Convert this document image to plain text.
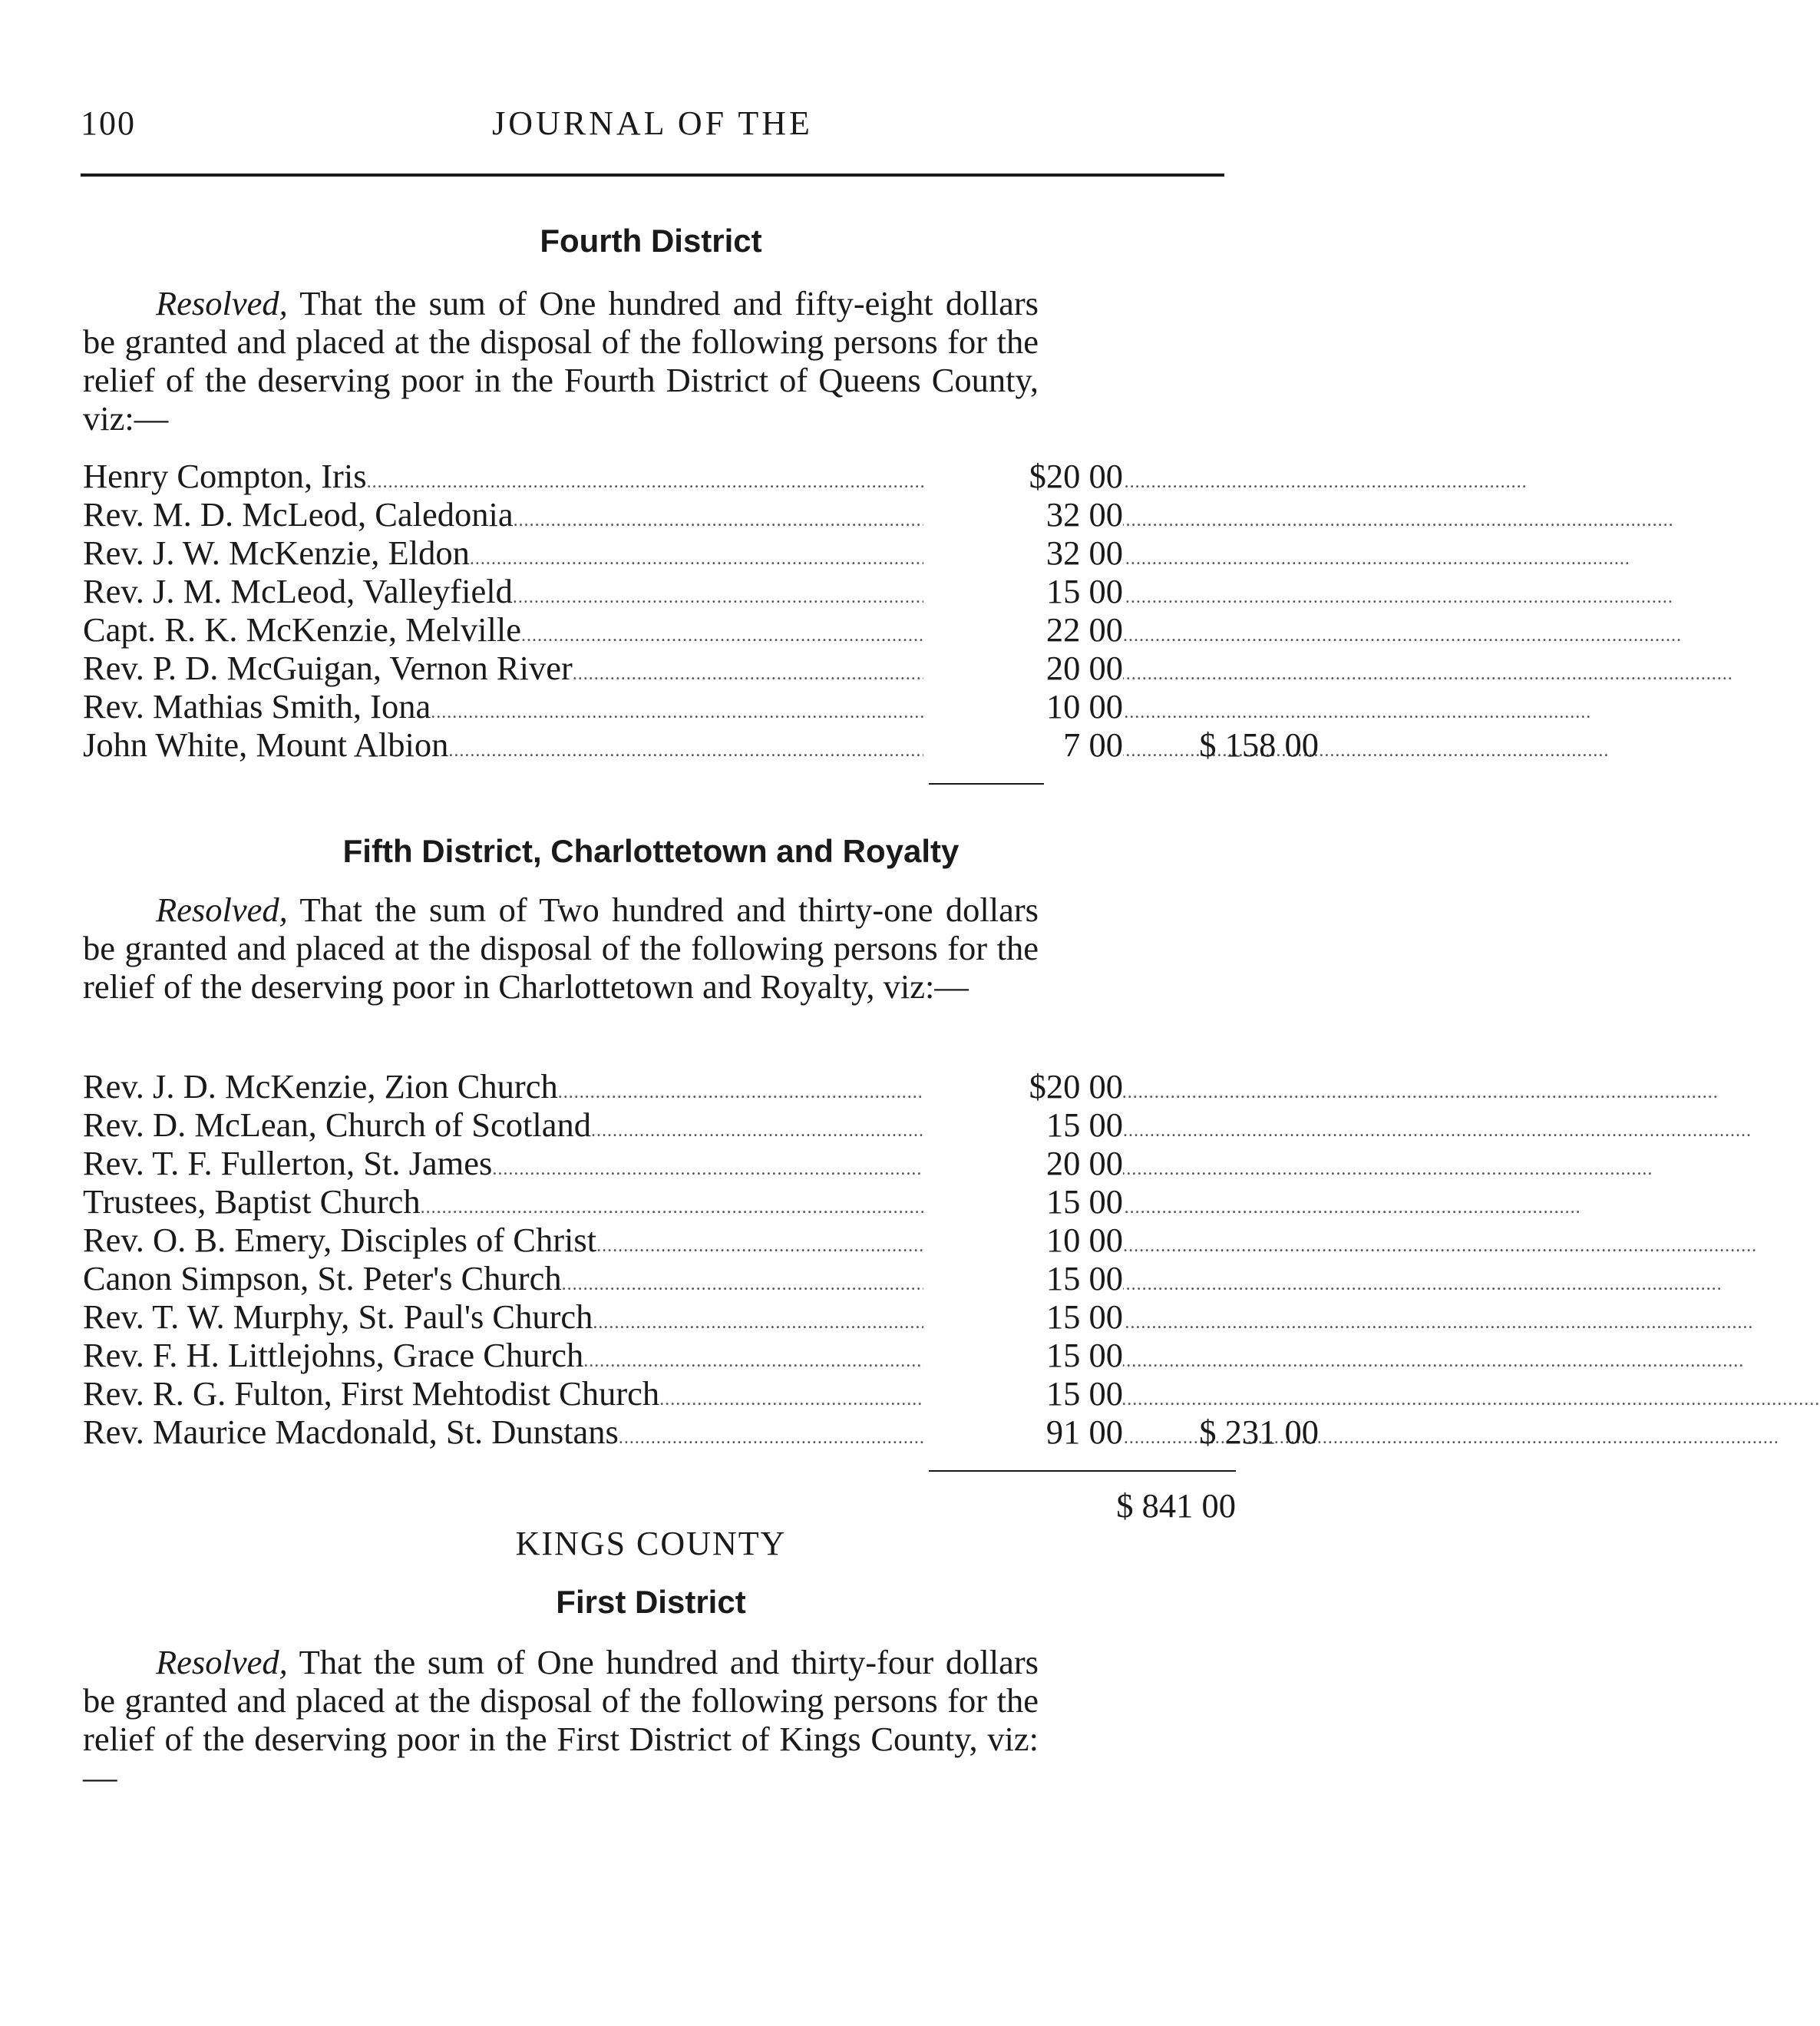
100	JOURNAL OF THE
Fourth District
Resolved, That the sum of One hundred and fifty-eight dollars be granted and placed at the disposal of the following persons for the relief of the deserving poor in the Fourth District of Queens County, viz:—
Henry Compton, Iris .....	$20 00
Rev. M. D. McLeod, Caledonia .....	32 00
Rev. J. W. McKenzie, Eldon .....	32 00
Rev. J. M. McLeod, Valleyfield .....	15 00
Capt. R. K. McKenzie, Melville .....	22 00
Rev. P. D. McGuigan, Vernon River .....	20 00
Rev. Mathias Smith, Iona .....	10 00
John White, Mount Albion .....	7 00	$ 158 00
Fifth District, Charlottetown and Royalty
Resolved, That the sum of Two hundred and thirty-one dollars be granted and placed at the disposal of the following persons for the relief of the deserving poor in Charlottetown and Royalty, viz:—
Rev. J. D. McKenzie, Zion Church .....	$20 00
Rev. D. McLean, Church of Scotland .....	15 00
Rev. T. F. Fullerton, St. James .....	20 00
Trustees, Baptist Church .....	15 00
Rev. O. B. Emery, Disciples of Christ .....	10 00
Canon Simpson, St. Peter's Church .....	15 00
Rev. T. W. Murphy, St. Paul's Church .....	15 00
Rev. F. H. Littlejohns, Grace Church .....	15 00
Rev. R. G. Fulton, First Mehtodist Church .....	15 00
Rev. Maurice Macdonald, St. Dunstans .....	91 00	$ 231 00
$ 841 00
KINGS COUNTY
First District
Resolved, That the sum of One hundred and thirty-four dollars be granted and placed at the disposal of the following persons for the relief of the deserving poor in the First District of Kings County, viz:—
